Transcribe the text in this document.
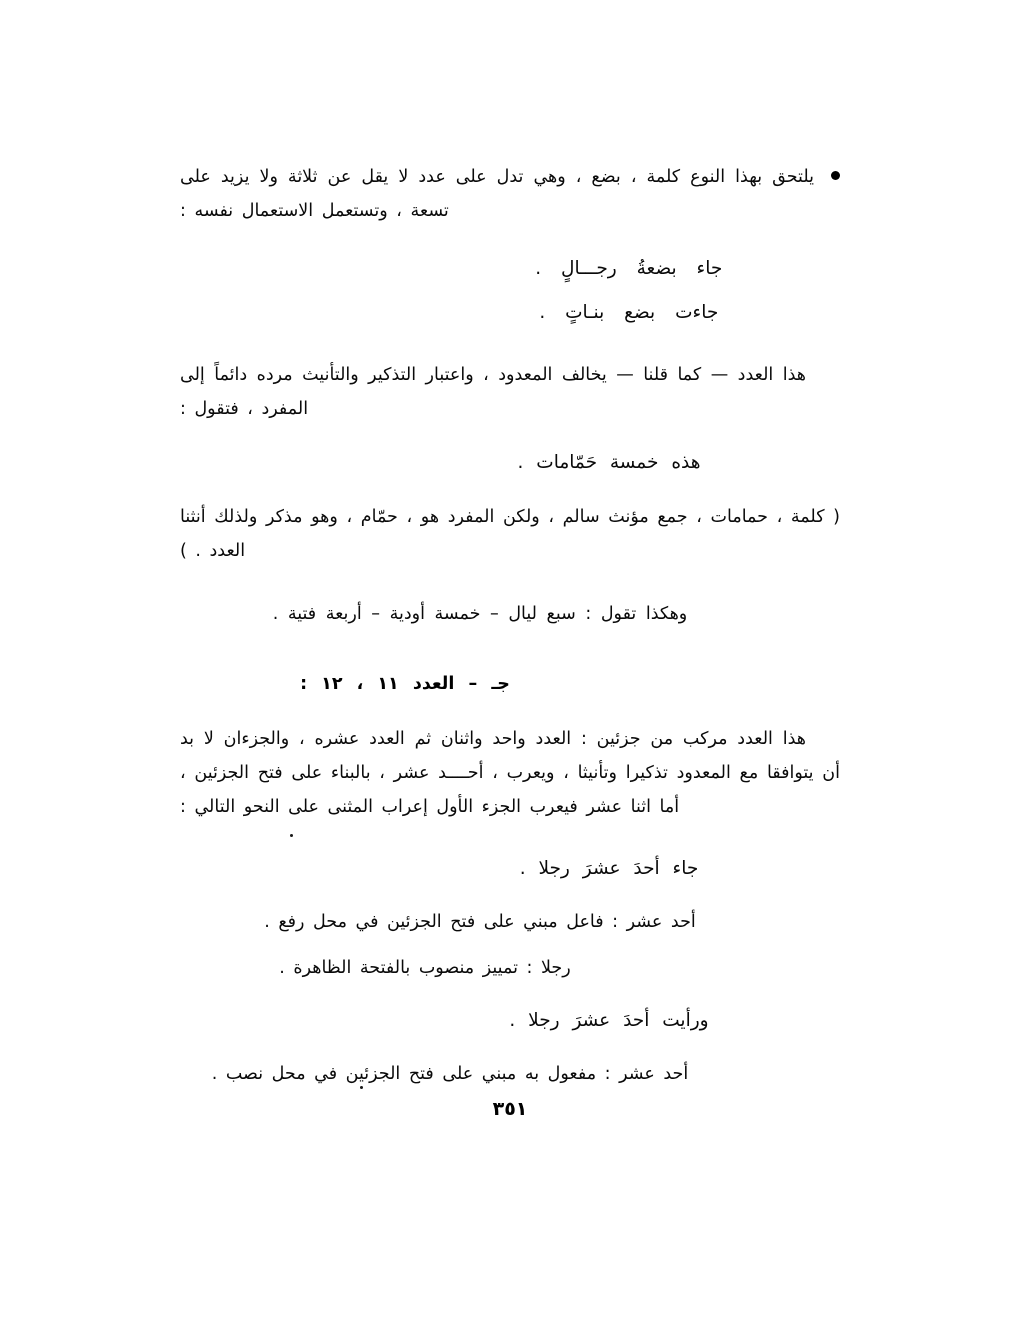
يلتحق بهذا النوع كلمة ، بضع ، وهي تدل على عدد لا يقل عن ثلاثة ولا يزيد على تسعة ، وتستعمل الاستعمال نفسه :

جاء بضعةُ رجـــالٍ .

جاءت بضع بنـاتٍ .

هذا العدد — كما قلنا — يخالف المعدود ، واعتبار التذكير والتأنيث مرده دائماً إلى المفرد ، فتقول :

هذه خمسة حَمّامات .

( كلمة ، حمامات ، جمع مؤنث سالم ، ولكن المفرد هو ، حمّام ، وهو مذكر ولذلك أنثنا العدد . )

وهكذا تقول : سبع ليال – خمسة أودية – أربعة فتية .

جـ – العدد ١١ ، ١٢ :

هذا العدد مركب من جزئين : العدد واحد واثنان ثم العدد عشره ، والجزءان لا بد أن يتوافقا مع المعدود تذكيرا وتأنيثا ، ويعرب ، أحــــد عشر ، بالبناء على فتح الجزئين ، أما اثنا عشر فيعرب الجزء الأول إعراب المثنى على النحو التالي :

جاء أحدَ عشرَ رجلا .

أحد عشر : فاعل مبني على فتح الجزئين في محل رفع .

رجلا : تمييز منصوب بالفتحة الظاهرة .

ورأيت أحدَ عشرَ رجلا .

أحد عشر : مفعول به مبني على فتح الجزئين في محل نصب .

٣٥١
